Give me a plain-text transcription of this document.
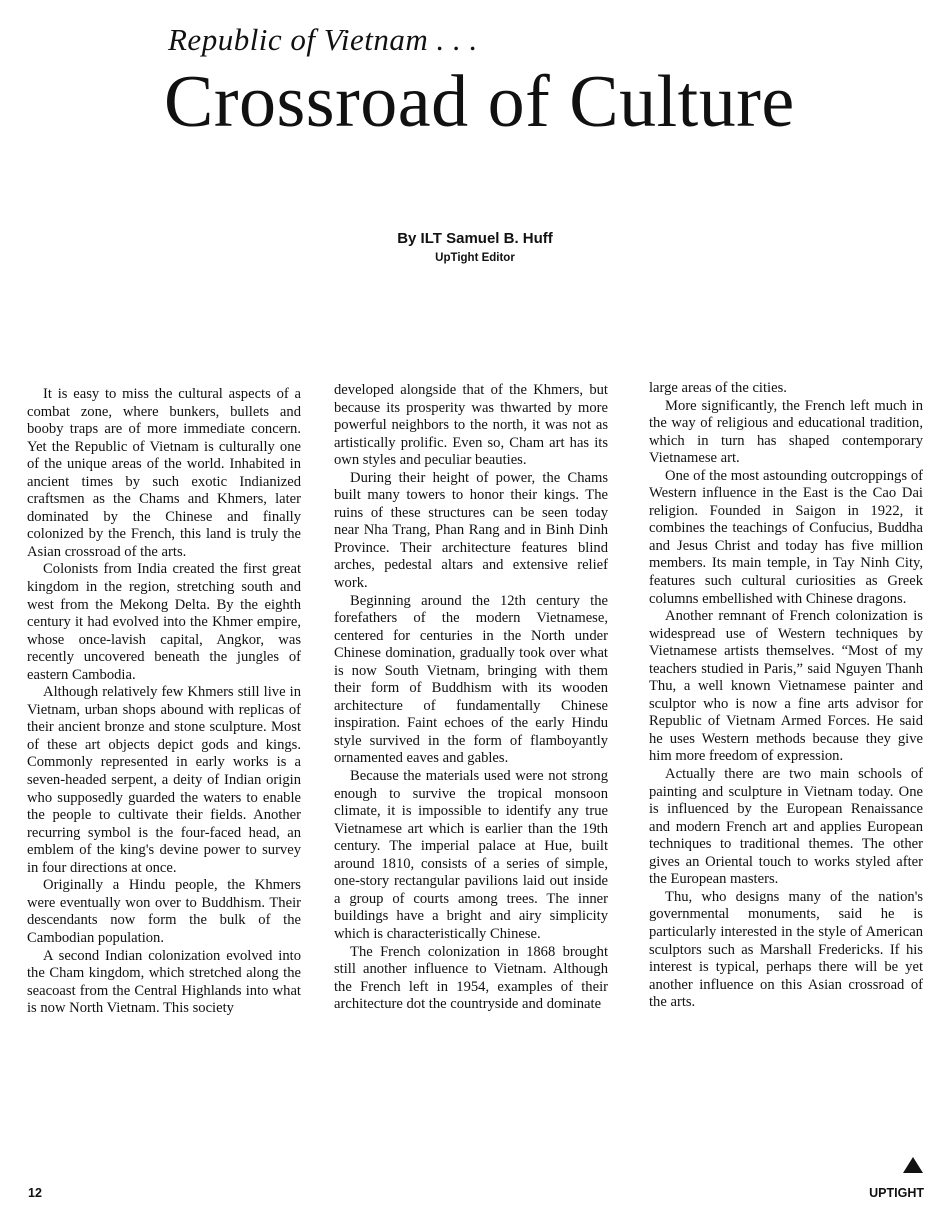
Republic of Vietnam . . .
Crossroad of Culture
By ILT Samuel B. Huff
UpTight Editor

It is easy to miss the cultural aspects of a combat zone, where bunkers, bullets and booby traps are of more immediate concern. Yet the Republic of Vietnam is culturally one of the unique areas of the world. Inhabited in ancient times by such exotic Indianized craftsmen as the Chams and Khmers, later dominated by the Chinese and finally colonized by the French, this land is truly the Asian crossroad of the arts.

Colonists from India created the first great kingdom in the region, stretching south and west from the Mekong Delta. By the eighth century it had evolved into the Khmer empire, whose once-lavish capital, Angkor, was recently uncovered beneath the jungles of eastern Cambodia.

Although relatively few Khmers still live in Vietnam, urban shops abound with replicas of their ancient bronze and stone sculpture. Most of these art objects depict gods and kings. Commonly represented in early works is a seven-headed serpent, a deity of Indian origin who supposedly guarded the waters to enable the people to cultivate their fields. Another recurring symbol is the four-faced head, an emblem of the king's devine power to survey in four directions at once.

Originally a Hindu people, the Khmers were eventually won over to Buddhism. Their descendants now form the bulk of the Cambodian population.

A second Indian colonization evolved into the Cham kingdom, which stretched along the seacoast from the Central Highlands into what is now North Vietnam. This society

developed alongside that of the Khmers, but because its prosperity was thwarted by more powerful neighbors to the north, it was not as artistically prolific. Even so, Cham art has its own styles and peculiar beauties.

During their height of power, the Chams built many towers to honor their kings. The ruins of these structures can be seen today near Nha Trang, Phan Rang and in Binh Dinh Province. Their architecture features blind arches, pedestal altars and extensive relief work.

Beginning around the 12th century the forefathers of the modern Vietnamese, centered for centuries in the North under Chinese domination, gradually took over what is now South Vietnam, bringing with them their form of Buddhism with its wooden architecture of fundamentally Chinese inspiration. Faint echoes of the early Hindu style survived in the form of flamboyantly ornamented eaves and gables.

Because the materials used were not strong enough to survive the tropical monsoon climate, it is impossible to identify any true Vietnamese art which is earlier than the 19th century. The imperial palace at Hue, built around 1810, consists of a series of simple, one-story rectangular pavilions laid out inside a group of courts among trees. The inner buildings have a bright and airy simplicity which is characteristically Chinese.

The French colonization in 1868 brought still another influence to Vietnam. Although the French left in 1954, examples of their architecture dot the countryside and dominate

large areas of the cities.

More significantly, the French left much in the way of religious and educational tradition, which in turn has shaped contemporary Vietnamese art.

One of the most astounding outcroppings of Western influence in the East is the Cao Dai religion. Founded in Saigon in 1922, it combines the teachings of Confucius, Buddha and Jesus Christ and today has five million members. Its main temple, in Tay Ninh City, features such cultural curiosities as Greek columns embellished with Chinese dragons.

Another remnant of French colonization is widespread use of Western techniques by Vietnamese artists themselves. “Most of my teachers studied in Paris,” said Nguyen Thanh Thu, a well known Vietnamese painter and sculptor who is now a fine arts advisor for Republic of Vietnam Armed Forces. He said he uses Western methods because they give him more freedom of expression.

Actually there are two main schools of painting and sculpture in Vietnam today. One is influenced by the European Renaissance and modern French art and applies European techniques to traditional themes. The other gives an Oriental touch to works styled after the European masters.

Thu, who designs many of the nation's governmental monuments, said he is particularly interested in the style of American sculptors such as Marshall Fredericks. If his interest is typical, perhaps there will be yet another influence on this Asian crossroad of the arts.

12	UPTIGHT
